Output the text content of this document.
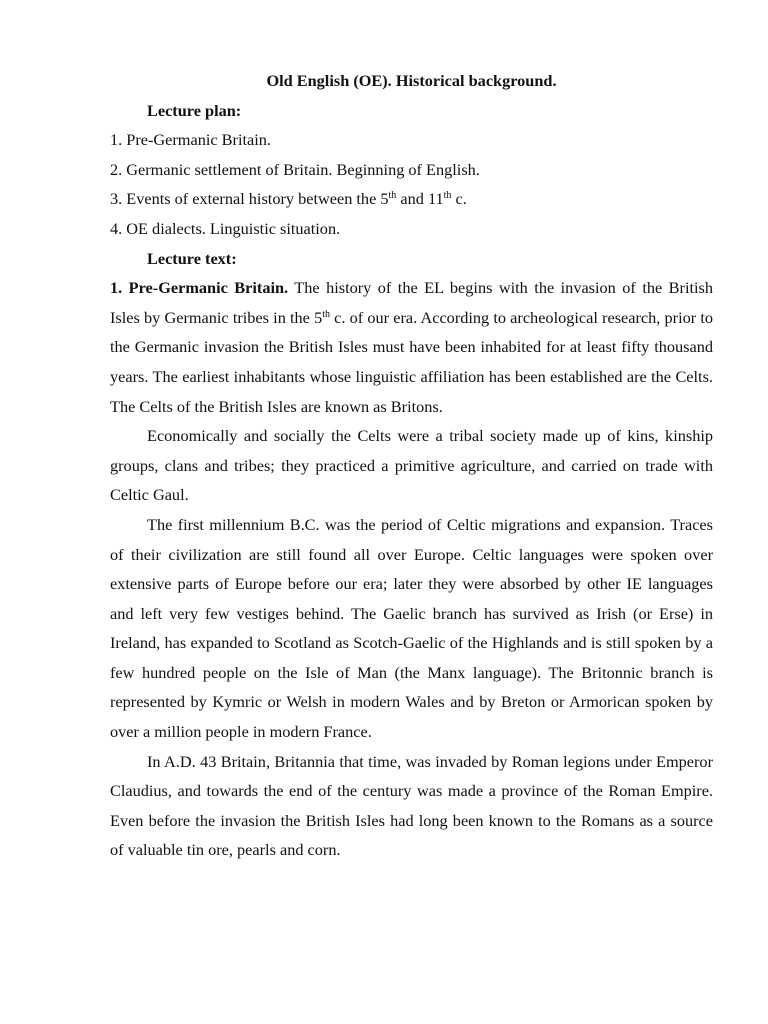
Old English (OE). Historical background.

Lecture plan:

1. Pre-Germanic Britain.

2. Germanic settlement of Britain. Beginning of English.

3. Events of external history between the 5th and 11th c.

4. OE dialects. Linguistic situation.

Lecture text:

1. Pre-Germanic Britain. The history of the EL begins with the invasion of the British Isles by Germanic tribes in the 5th c. of our era. According to archeological research, prior to the Germanic invasion the British Isles must have been inhabited for at least fifty thousand years. The earliest inhabitants whose linguistic affiliation has been established are the Celts. The Celts of the British Isles are known as Britons.

Economically and socially the Celts were a tribal society made up of kins, kinship groups, clans and tribes; they practiced a primitive agriculture, and carried on trade with Celtic Gaul.

The first millennium B.C. was the period of Celtic migrations and expansion. Traces of their civilization are still found all over Europe. Celtic languages were spoken over extensive parts of Europe before our era; later they were absorbed by other IE languages and left very few vestiges behind. The Gaelic branch has survived as Irish (or Erse) in Ireland, has expanded to Scotland as Scotch-Gaelic of the Highlands and is still spoken by a few hundred people on the Isle of Man (the Manx language). The Britonnic branch is represented by Kymric or Welsh in modern Wales and by Breton or Armorican spoken by over a million people in modern France.

In A.D. 43 Britain, Britannia that time, was invaded by Roman legions under Emperor Claudius, and towards the end of the century was made a province of the Roman Empire. Even before the invasion the British Isles had long been known to the Romans as a source of valuable tin ore, pearls and corn.
